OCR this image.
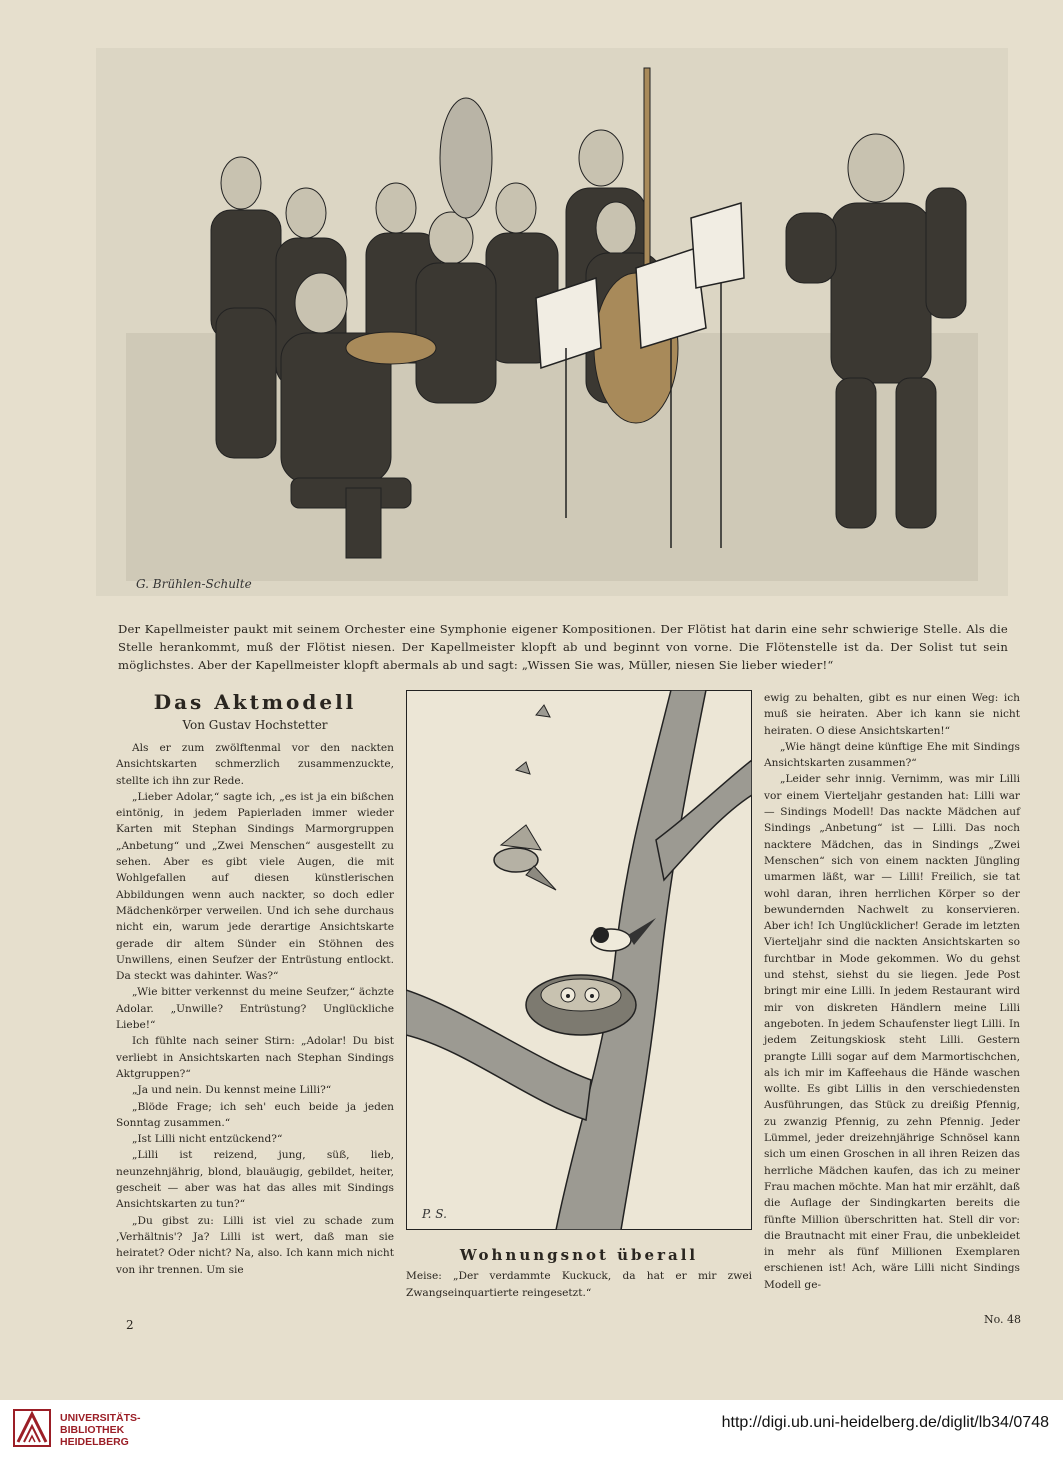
G. Brühlen-Schulte

Der Kapellmeister paukt mit seinem Orchester eine Symphonie eigener Kompositionen. Der Flötist hat darin eine sehr schwierige Stelle. Als die Stelle herankommt, muß der Flötist niesen. Der Kapellmeister klopft ab und beginnt von vorne. Die Flötenstelle ist da. Der Solist tut sein möglichstes. Aber der Kapellmeister klopft abermals ab und sagt: „Wissen Sie was, Müller, niesen Sie lieber wieder!“

Das Aktmodell
Von Gustav Hochstetter

Als er zum zwölftenmal vor den nackten Ansichtskarten schmerzlich zusammenzuckte, stellte ich ihn zur Rede.

„Lieber Adolar,“ sagte ich, „es ist ja ein bißchen eintönig, in jedem Papierladen immer wieder Karten mit Stephan Sindings Marmorgruppen „Anbetung“ und „Zwei Menschen“ ausgestellt zu sehen. Aber es gibt viele Augen, die mit Wohlgefallen auf diesen künstlerischen Abbildungen wenn auch nackter, so doch edler Mädchenkörper verweilen. Und ich sehe durchaus nicht ein, warum jede derartige Ansichtskarte gerade dir altem Sünder ein Stöhnen des Unwillens, einen Seufzer der Entrüstung entlockt. Da steckt was dahinter. Was?“

„Wie bitter verkennst du meine Seufzer,“ ächzte Adolar. „Unwille? Entrüstung? Unglückliche Liebe!“

Ich fühlte nach seiner Stirn: „Adolar! Du bist verliebt in Ansichtskarten nach Stephan Sindings Aktgruppen?“

„Ja und nein. Du kennst meine Lilli?“

„Blöde Frage; ich seh' euch beide ja jeden Sonntag zusammen.“

„Ist Lilli nicht entzückend?“

„Lilli ist reizend, jung, süß, lieb, neunzehnjährig, blond, blauäugig, gebildet, heiter, gescheit — aber was hat das alles mit Sindings Ansichtskarten zu tun?“

„Du gibst zu: Lilli ist viel zu schade zum ‚Verhältnis'? Ja? Lilli ist wert, daß man sie heiratet? Oder nicht? Na, also. Ich kann mich nicht von ihr trennen. Um sie

P. S.
Wohnungsnot überall

Meise: „Der verdammte Kuckuck, da hat er mir zwei Zwangseinquartierte reingesetzt.“

ewig zu behalten, gibt es nur einen Weg: ich muß sie heiraten. Aber ich kann sie nicht heiraten. O diese Ansichtskarten!“

„Wie hängt deine künftige Ehe mit Sindings Ansichtskarten zusammen?“

„Leider sehr innig. Vernimm, was mir Lilli vor einem Vierteljahr gestanden hat: Lilli war — Sindings Modell! Das nackte Mädchen auf Sindings „Anbetung“ ist — Lilli. Das noch nacktere Mädchen, das in Sindings „Zwei Menschen“ sich von einem nackten Jüngling umarmen läßt, war — Lilli! Freilich, sie tat wohl daran, ihren herrlichen Körper so der bewundernden Nachwelt zu konservieren. Aber ich! Ich Unglücklicher! Gerade im letzten Vierteljahr sind die nackten Ansichtskarten so furchtbar in Mode gekommen. Wo du gehst und stehst, siehst du sie liegen. Jede Post bringt mir eine Lilli. In jedem Restaurant wird mir von diskreten Händlern meine Lilli angeboten. In jedem Schaufenster liegt Lilli. In jedem Zeitungskiosk steht Lilli. Gestern prangte Lilli sogar auf dem Marmortischchen, als ich mir im Kaffeehaus die Hände waschen wollte. Es gibt Lillis in den verschiedensten Ausführungen, das Stück zu dreißig Pfennig, zu zwanzig Pfennig, zu zehn Pfennig. Jeder Lümmel, jeder dreizehnjährige Schnösel kann sich um einen Groschen in all ihren Reizen das herrliche Mädchen kaufen, das ich zu meiner Frau machen möchte. Man hat mir erzählt, daß die Auflage der Sindingkarten bereits die fünfte Million überschritten hat. Stell dir vor: die Brautnacht mit einer Frau, die unbekleidet in mehr als fünf Millionen Exemplaren erschienen ist! Ach, wäre Lilli nicht Sindings Modell ge-

2	No. 48
UNIVERSITÄTS-
BIBLIOTHEK
HEIDELBERG
http://digi.ub.uni-heidelberg.de/diglit/lb34/0748
